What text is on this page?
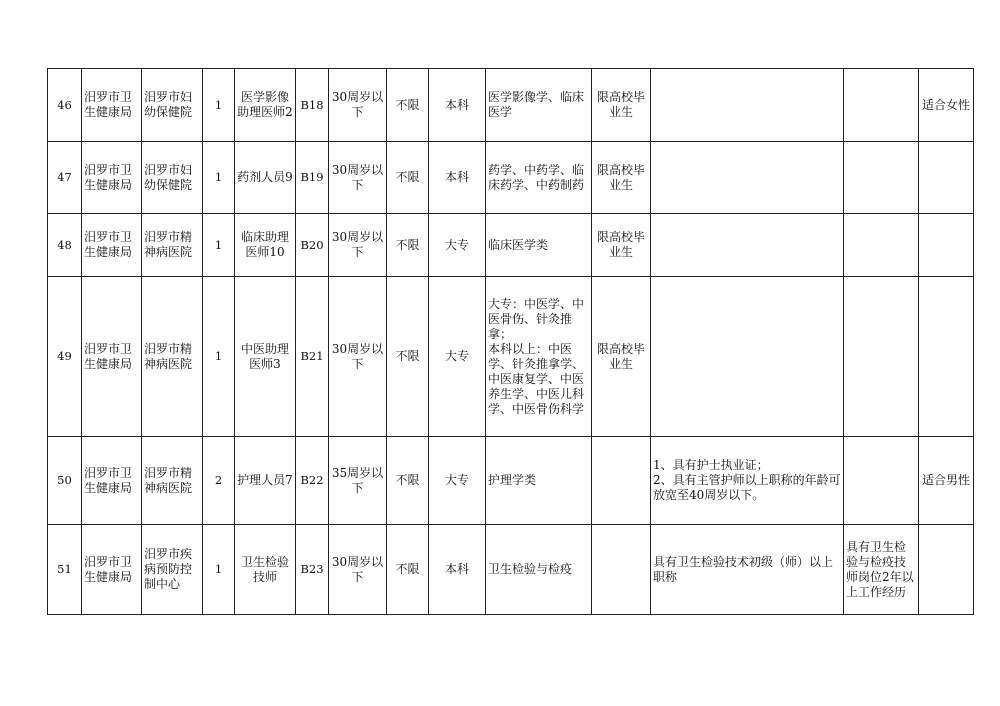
46	汨罗市卫生健康局	汨罗市妇幼保健院	1	医学影像助理医师2	B18	30周岁以下	不限	本科	医学影像学、临床医学	限高校毕业生			适合女性
47	汨罗市卫生健康局	汨罗市妇幼保健院	1	药剂人员9	B19	30周岁以下	不限	本科	药学、中药学、临床药学、中药制药	限高校毕业生			
48	汨罗市卫生健康局	汨罗市精神病医院	1	临床助理医师10	B20	30周岁以下	不限	大专	临床医学类	限高校毕业生			
49	汨罗市卫生健康局	汨罗市精神病医院	1	中医助理医师3	B21	30周岁以下	不限	大专	大专：中医学、中医骨伤、针灸推拿；
本科以上：中医学、针灸推拿学、中医康复学、中医养生学、中医儿科学、中医骨伤科学	限高校毕业生			
50	汨罗市卫生健康局	汨罗市精神病医院	2	护理人员7	B22	35周岁以下	不限	大专	护理学类		1、具有护士执业证；
2、具有主管护师以上职称的年龄可放宽至40周岁以下。		适合男性
51	汨罗市卫生健康局	汨罗市疾病预防控制中心	1	卫生检验技师	B23	30周岁以下	不限	本科	卫生检验与检疫		具有卫生检验技术初级（师）以上职称	具有卫生检验与检疫技师岗位2年以上工作经历	
